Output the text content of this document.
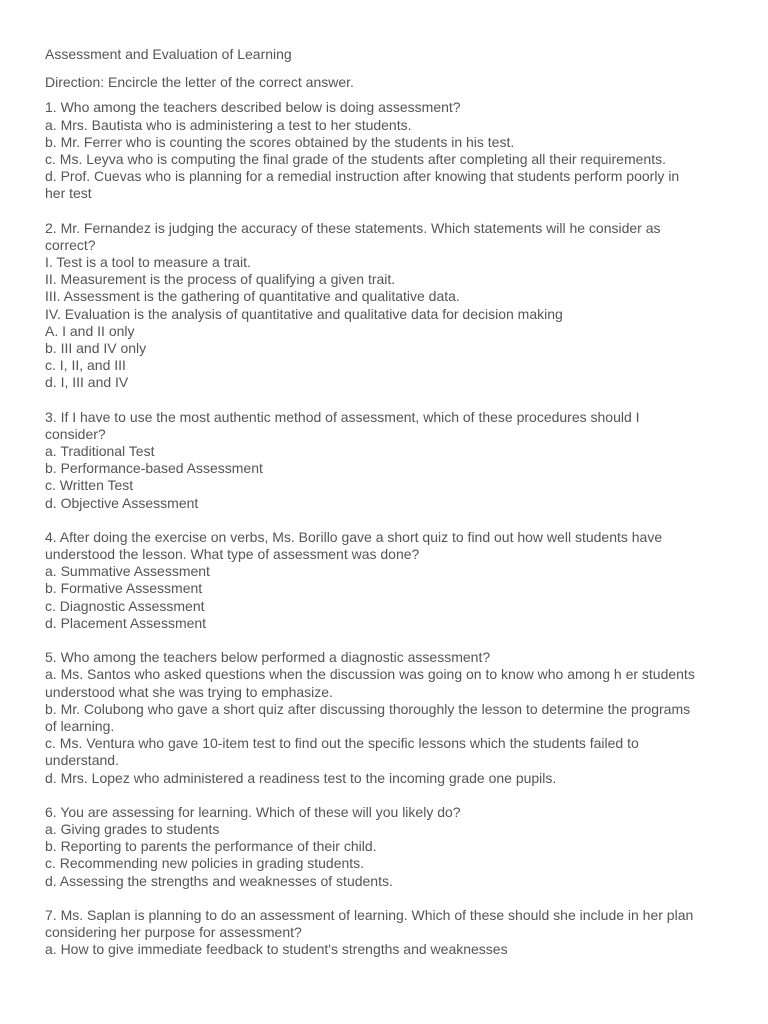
Assessment and Evaluation of Learning
Direction: Encircle the letter of the correct answer.
1. Who among the teachers described below is doing assessment?
a. Mrs. Bautista who is administering a test to her students.
b. Mr. Ferrer who is counting the scores obtained by the students in his test.
c. Ms. Leyva who is computing the final grade of the students after completing all their requirements.
d. Prof. Cuevas who is planning for a remedial instruction after knowing that students perform poorly in
her test
2. Mr. Fernandez is judging the accuracy of these statements. Which statements will he consider as
correct?
I. Test is a tool to measure a trait.
II. Measurement is the process of qualifying a given trait.
III. Assessment is the gathering of quantitative and qualitative data.
IV. Evaluation is the analysis of quantitative and qualitative data for decision making
A. I and II only
b. III and IV only
c. I, II, and III
d. I, III and IV
3. If I have to use the most authentic method of assessment, which of these procedures should I
consider?
a. Traditional Test
b. Performance-based Assessment
c. Written Test
d. Objective Assessment
4. After doing the exercise on verbs, Ms. Borillo gave a short quiz to find out how well students have
understood the lesson. What type of assessment was done?
a. Summative Assessment
b. Formative Assessment
c. Diagnostic Assessment
d. Placement Assessment
5. Who among the teachers below performed a diagnostic assessment?
a. Ms. Santos who asked questions when the discussion was going on to know who among h er students
understood what she was trying to emphasize.
b. Mr. Colubong who gave a short quiz after discussing thoroughly the lesson to determine the programs
of learning.
c. Ms. Ventura who gave 10-item test to find out the specific lessons which the students failed to
understand.
d. Mrs. Lopez who administered a readiness test to the incoming grade one pupils.
6. You are assessing for learning. Which of these will you likely do?
a. Giving grades to students
b. Reporting to parents the performance of their child.
c. Recommending new policies in grading students.
d. Assessing the strengths and weaknesses of students.
7. Ms. Saplan is planning to do an assessment of learning. Which of these should she include in her plan
considering her purpose for assessment?
a. How to give immediate feedback to student's strengths and weaknesses
